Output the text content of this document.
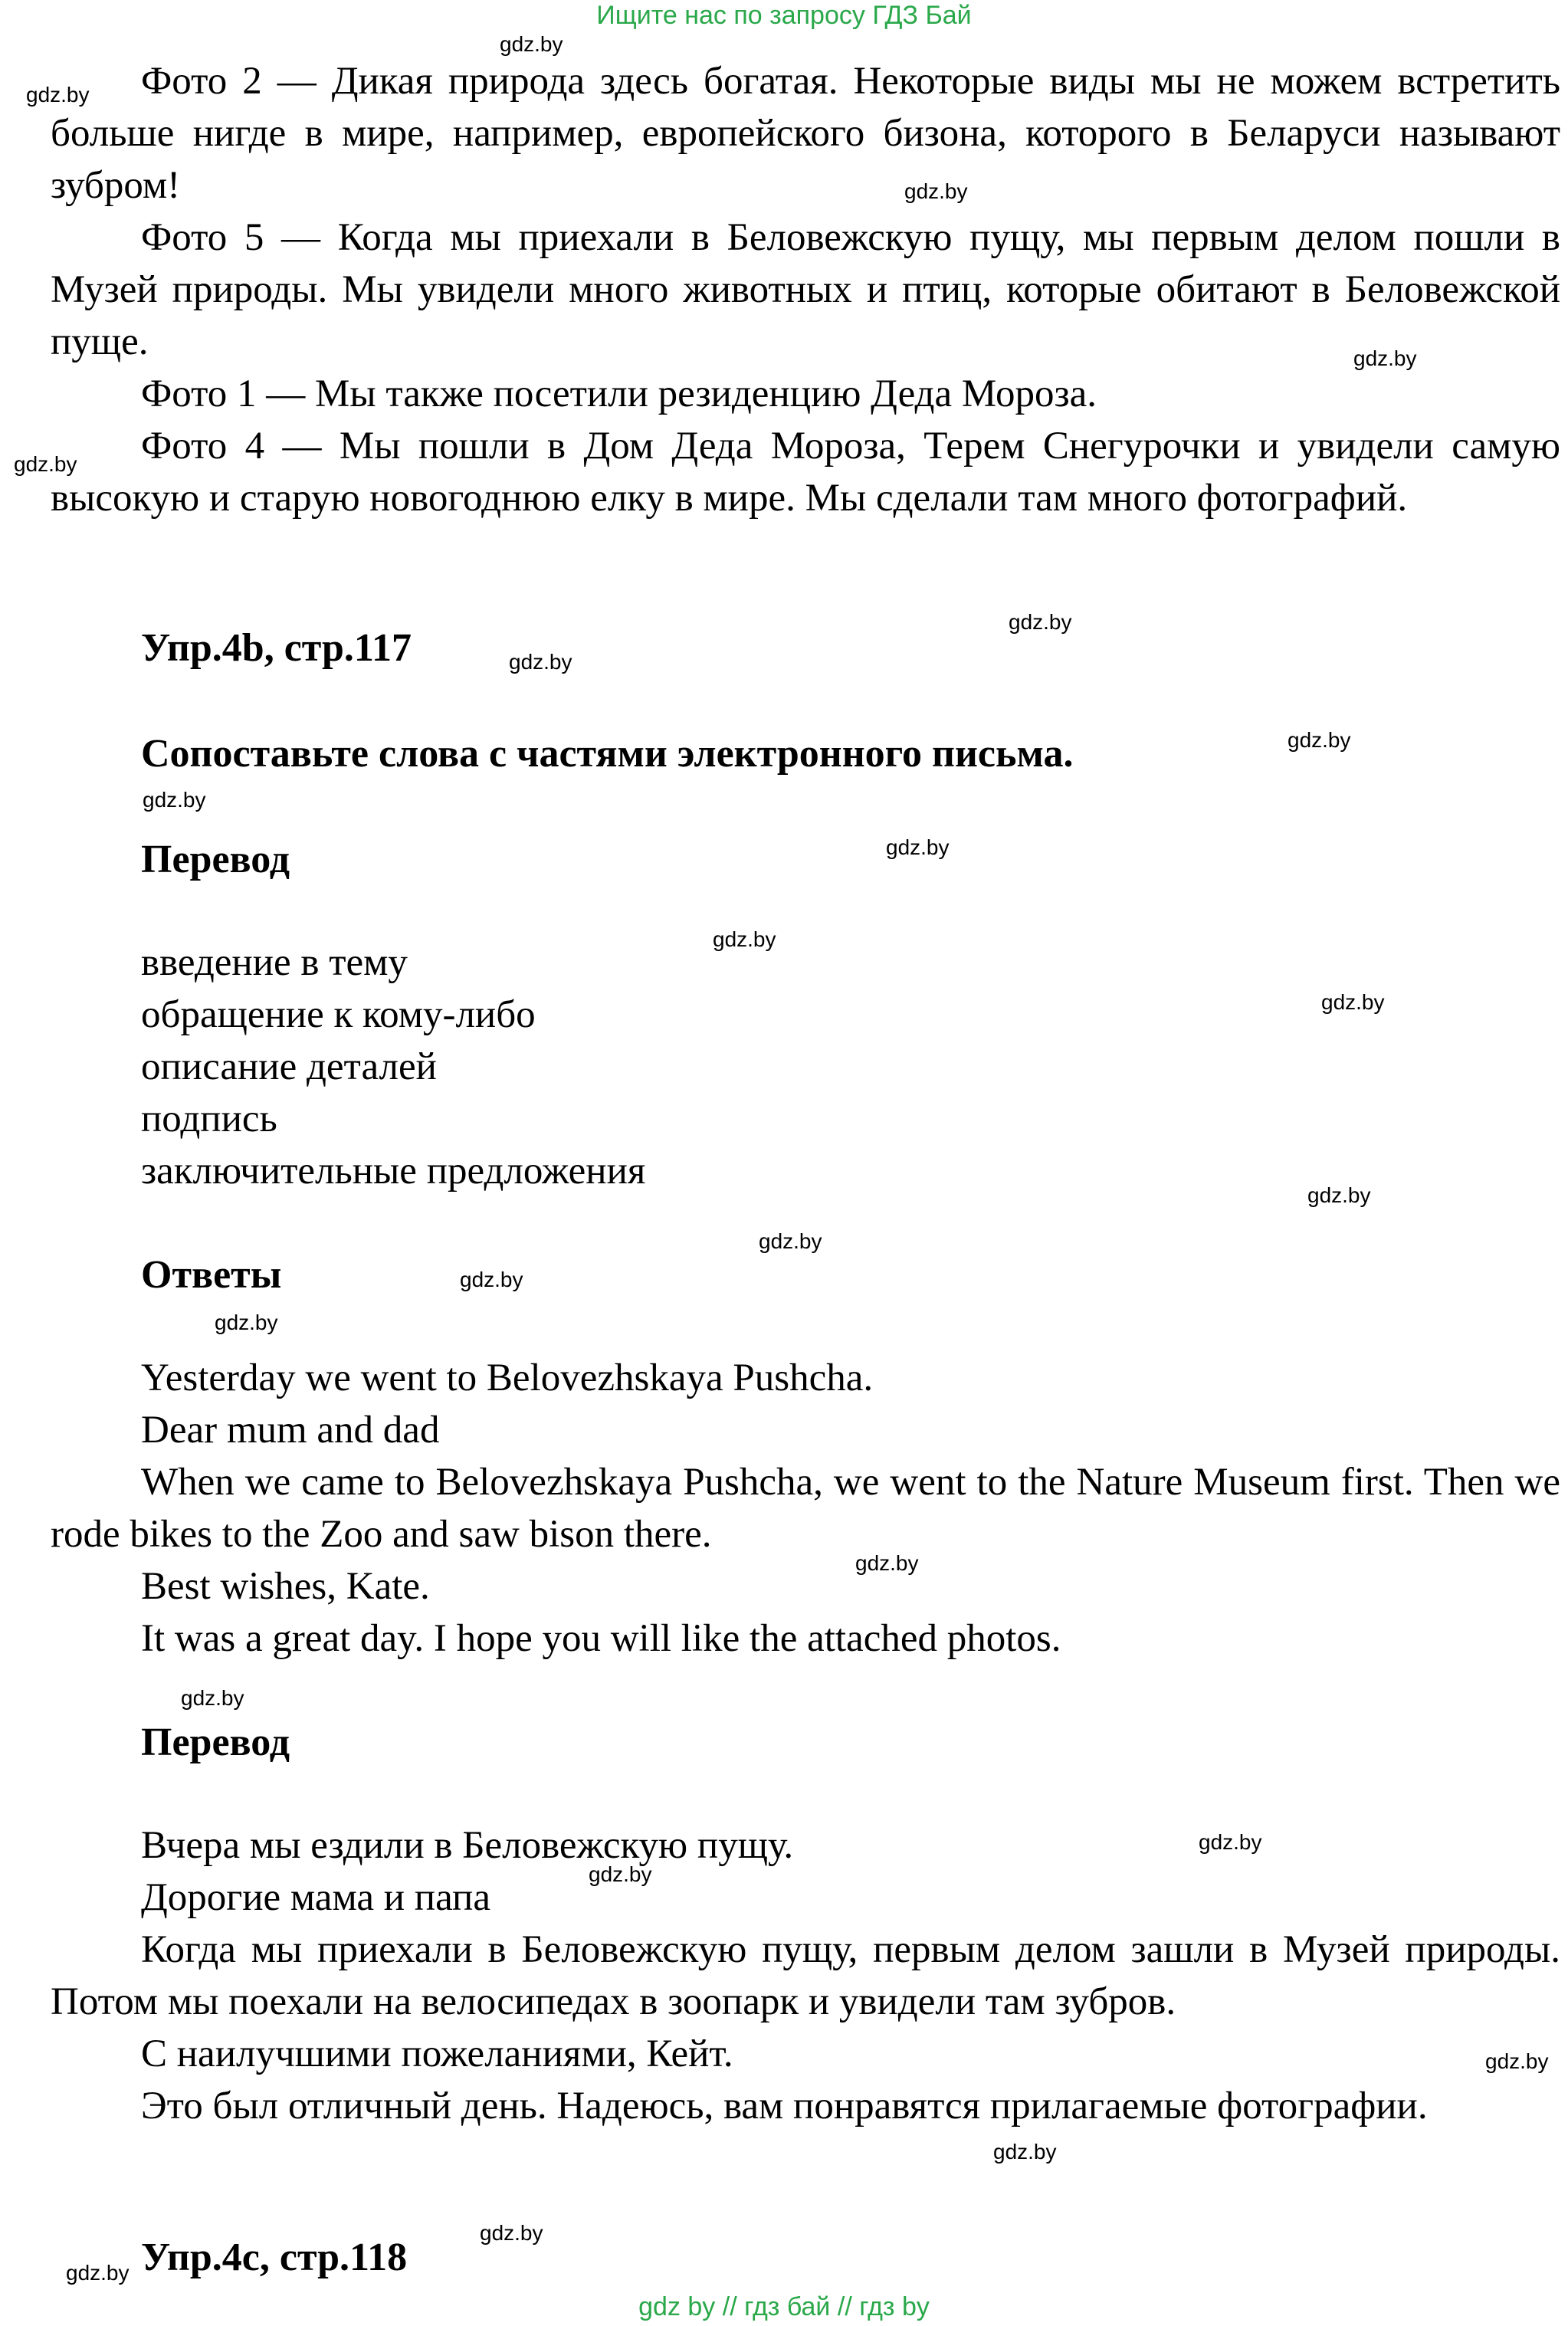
Ищите нас по запросу ГДЗ Бай

Фото 2 — Дикая природа здесь богатая. Некоторые виды мы не можем встретить больше нигде в мире, например, европейского бизона, которого в Беларуси называют зубром!

Фото 5 — Когда мы приехали в Беловежскую пущу, мы первым делом пошли в Музей природы. Мы увидели много животных и птиц, которые обитают в Беловежской пуще.

Фото 1 — Мы также посетили резиденцию Деда Мороза.

Фото 4 — Мы пошли в Дом Деда Мороза, Терем Снегурочки и увидели самую высокую и старую новогоднюю елку в мире. Мы сделали там много фотографий.

Упр.4b, стр.117
Сопоставьте слова с частями электронного письма.
Перевод
введение в тему
обращение к кому-либо
описание деталей
подпись
заключительные предложения
Ответы
Yesterday we went to Belovezhskaya Pushcha.
Dear mum and dad

When we came to Belovezhskaya Pushcha, we went to the Nature Museum first. Then we rode bikes to the Zoo and saw bison there.

Best wishes, Kate.
It was a great day. I hope you will like the attached photos.
Перевод
Вчера мы ездили в Беловежскую пущу.
Дорогие мама и папа

Когда мы приехали в Беловежскую пущу, первым делом зашли в Музей природы. Потом мы поехали на велосипедах в зоопарк и увидели там зубров.

С наилучшими пожеланиями, Кейт.

Это был отличный день. Надеюсь, вам понравятся прилагаемые фотографии.

Упр.4c, стр.118
gdz.by
gdz.by
gdz.by
gdz.by
gdz.by
gdz.by
gdz.by
gdz.by
gdz.by
gdz.by
gdz.by
gdz.by
gdz.by
gdz.by
gdz.by
gdz.by
gdz.by
gdz.by
gdz.by
gdz.by
gdz.by
gdz.by
gdz.by
gdz.by
gdz by // гдз бай // гдз by
